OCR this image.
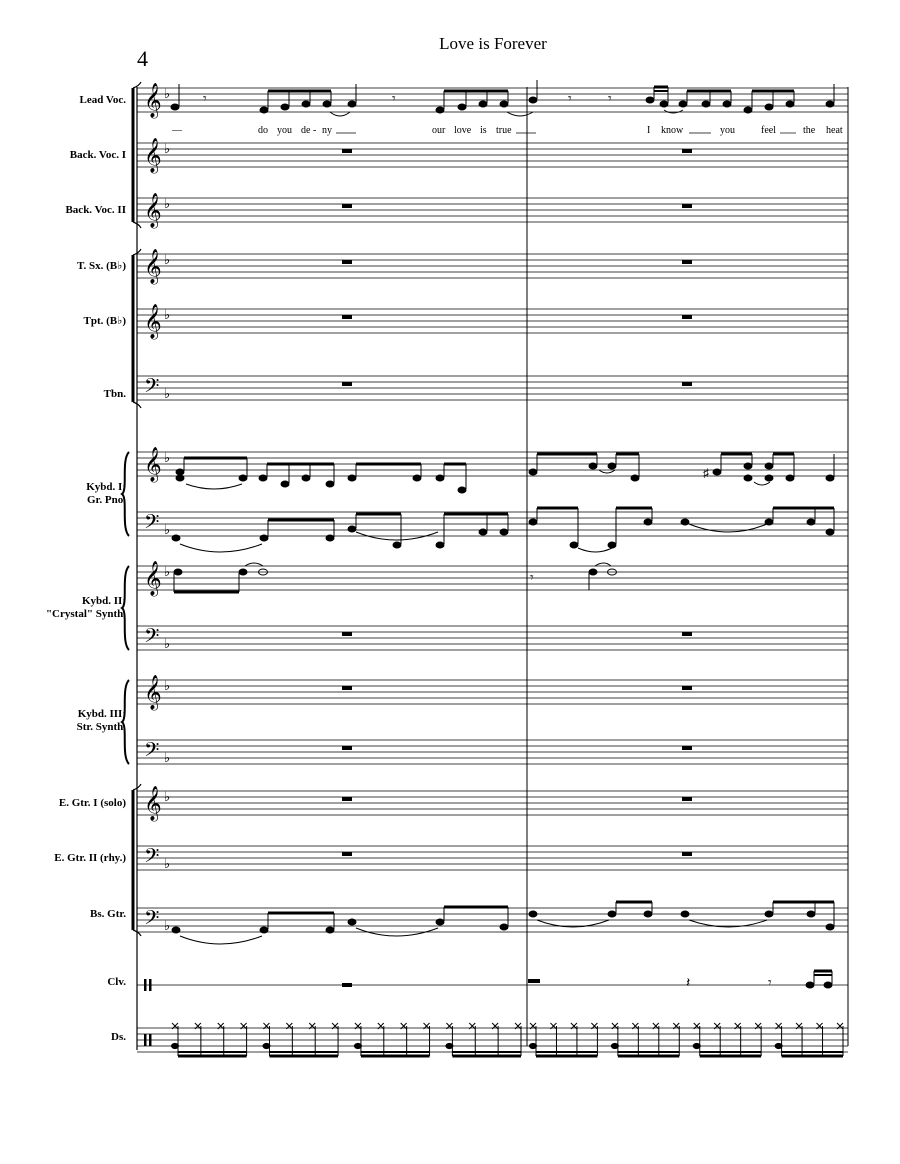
4
Love is Forever
𝄞 ♭
𝄞 ♭
𝄞 ♭
𝄞 ♭
𝄞 ♭
𝄢 ♭
𝄞 ♭
𝄢 ♭
𝄞 ♭
𝄢 ♭
𝄞 ♭
𝄢 ♭
𝄞 ♭
𝄢 ♭
𝄢 ♭
Lead Voc.
Back. Voc. I
Back. Voc. II
T. Sx. (B♭)
Tpt. (B♭)
Tbn.
Kybd. I:
Gr. Pno.
Kybd. II:
"Crystal" Synth.
Kybd. III:
Str. Synth.
E. Gtr. I (solo)
E. Gtr. II (rhy.)
Bs. Gtr.
Clv.
Ds.
𝄾	𝄾	𝄾	𝄾
—	do you de - ny	our love is true	I know	you	feel	the heat
♯
𝄾
𝄽	𝄾
